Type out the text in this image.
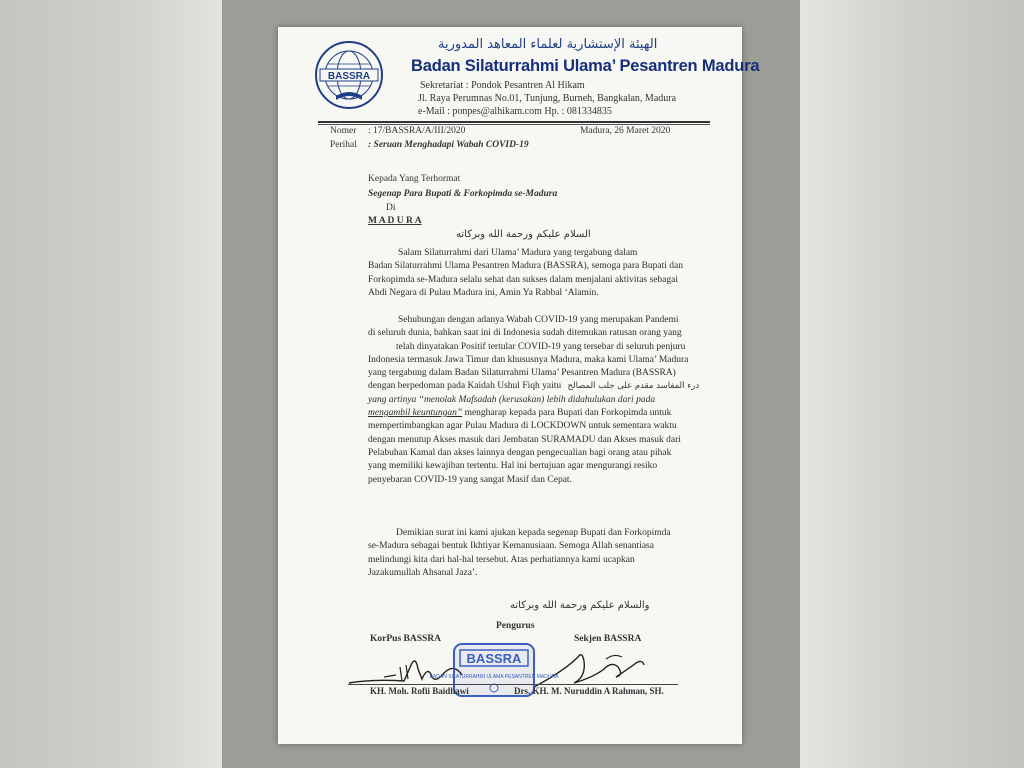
BASSRA
الهيئة الإستشارية لعلماء المعاهد المدورية
Badan Silaturrahmi Ulama’ Pesantren Madura
Sekretariat : Pondok Pesantren Al Hikam
Jl. Raya Perumnas No.01, Tunjung, Burneh, Bangkalan, Madura
e-Mail : ponpes@alhikam.com Hp. : 081334835
Nomer : 17/BASSRA/A/III/2020	Madura, 26 Maret 2020
Perihal : Seruan Menghadapi Wabah COVID-19
Kepada Yang Terhormat
Segenap Para Bupati & Forkopimda se-Madura
Di
M A D U R A
السلام عليكم ورحمة الله وبركاته
Salam Silaturrahmi dari Ulama’ Madura yang tergabung dalam
Badan Silaturrahmi Ulama Pesantren Madura (BASSRA), semoga para Bupati dan
Forkopimda se-Madura selalu sehat dan sukses dalam menjalani aktivitas sebagai
Abdi Negara di Pulau Madura ini, Amin Ya Rabbal ‘Alamin.
Sehubungan dengan adanya Wabah COVID-19 yang merupakan Pandemi
di seluruh dunia, bahkan saat ini di Indonesia sudah ditemukan ratusan orang yang
telah dinyatakan Positif tertular COVID-19 yang tersebar di seluruh penjuru
Indonesia termasuk Jawa Timur dan khususnya Madura, maka kami Ulama’ Madura
yang tergabung dalam Badan Silaturrahmi Ulama’ Pesantren Madura (BASSRA)
dengan berpedoman pada Kaidah Ushul Fiqh yaitu درء المفاسد مقدم على جلب المصالح
yang artinya “menolak Mafsadah (kerusakan) lebih didahulukan dari pada
mengambil keuntungan” mengharap kepada para Bupati dan Forkopimda untuk
mempertimbangkan agar Pulau Madura di LOCKDOWN untuk sementara waktu
dengan menutup Akses masuk dari Jembatan SURAMADU dan Akses masuk dari
Pelabuhan Kamal dan akses lainnya dengan pengecualian bagi orang atau pihak
yang memiliki kewajiban tertentu. Hal ini bertujuan agar mengurangi resiko
penyebaran COVID-19 yang sangat Masif dan Cepat.
Demikian surat ini kami ajukan kepada segenap Bupati dan Forkopimda
se-Madura sebagai bentuk Ikhtiyar Kemanusiaan. Semoga Allah senantiasa
melindungi kita dari hal-hal tersebut. Atas perhatiannya kami ucapkan
Jazakumullah Ahsanal Jaza’.
والسلام عليكم ورحمة الله وبركاته
Pengurus
KorPus BASSRA	Sekjen BASSRA
BASSRA
BADAN SILATURRAHMI ULAMA PESANTREN MADURA
KH. Moh. Rofii Baidhawi	Drs. KH. M. Nuruddin A Rahman, SH.
